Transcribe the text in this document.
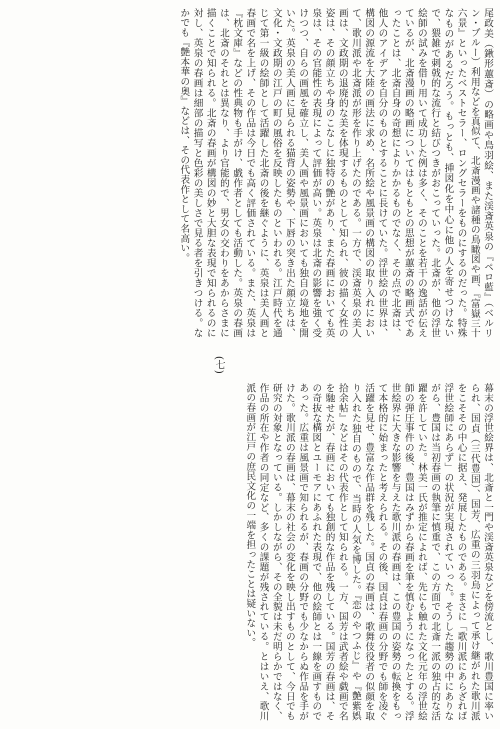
尾政美（鍬形蕙斎）の略画や鳥羽絵、また渓斎英泉の『ペロ藍』（ベルリン・ブルー）利用などを真似て、北斎漫画や諸種の鳥瞰図や画、『富嶽三十六景』といったベストセラー、ロングセラーをものにするのだった。特殊なものがあるだろう。もっとも、挿図化を中心に他の人を寄せつけないで、猥雑で刺戟的な流行と結びつきがおこっていった。北斎が、他の浮世絵師の試みを借り用いて成功した例は多く、そのことを若干の逸話が伝えているが、北斎漫画の略画についてはもともとの思想が蕙斎の略画式であったことは、北斎自身の奇想によりかかるものでなく、その点で北斎は、他人のアイデアを自分のものとすることに長けていた。浮世絵の世界は、構図の源流を大陸の画法に求め、名所絵や風景画の構図の取り入れにおいて、歌川派や北斎派が形を作り上げたのである。一方で、渓斎英泉の美人画は、文政期の退廃的な美を体現するものとして知られ、彼の描く女性の姿は、その顔立ちや身のこなしに独特の艶があり、また春画においても英泉は、その官能性の表現によって評価が高い。英泉は北斎の影響を強く受けつつ、自らの画風を確立し、美人画や風景画においても独自の境地を開いた。英泉の美人画に見られる猫背の姿勢や、下唇の突き出た顔立ちは、文化・文政期の江戸の町の風俗を反映したものといわれる。江戸時代を通じて第一級の絵師として活躍した北斎の後を継ぐように、英泉は美人画と春画で名を上げ、その作品は今日でも高く評価されている。また、英泉は『枕文庫』などの性典物も手がけ、戯作者としても活動した。英泉の春画は、北斎のそれとは異なり、より官能的で、男女の交わりをあからさまに描くことで知られる。北斎の春画が構図の妙と大胆な表現で知られるのに対し、英泉の春画は細部の描写と色彩の美しさで見る者を引きつける。なかでも『艶本華の奥』などは、その代表作として名高い。
(七)
幕末の浮世絵界は、北斎と一門や渓斎英泉などを傍流とし、歌川豊国に率いられ、国貞（三代豊国）、国芳、広重の三羽烏によって承け継がれた歌川派をこそその中心に据え、発展したものである。まさに「歌川派にあらざれば浮世絵師にあらず」の状況が実現されていった。そうした趨勢の中にありながら、豊国は当初春画の執筆に慎重で、この方面での北斎一派の独占的な活躍を許していた。林美一氏が推定によれば、先にも触れた文化元年の浮世絵師の弾圧事件の後、豊国はみずから春画を筆を慎むようになったとする。浮世絵界に大きな影響を与えた歌川派の春画は、この豊国の姿勢の転換をもって本格的に始まったと考えられる。その後、国貞は春画の分野でも師を凌ぐ活躍を見せ、豊富な作品群を残した。国貞の春画は、歌舞伎役者の似顔を取り入れた独自のもので、当時の人気を博した。『恋のやつふじ』や『艶紫娯拾余帖』などはその代表作として知られる。一方、国芳は武者絵や戯画で名を馳せたが、春画においても独創的な作品を残している。国芳の春画は、その奇抜な構図とユーモアにあふれた表現で、他の絵師とは一線を画すものであった。広重は風景画で知られるが、春画の分野でも少なからぬ作品を手がけた。歌川派の春画は、幕末の社会の変化を映し出すものとして、今日でも研究の対象となっている。しかしながら、その全貌は未だ明らかではなく、作品の所在や作者の同定など、多くの課題が残されている。とはいえ、歌川派の春画が江戸の庶民文化の一端を担ったことは疑いない。
